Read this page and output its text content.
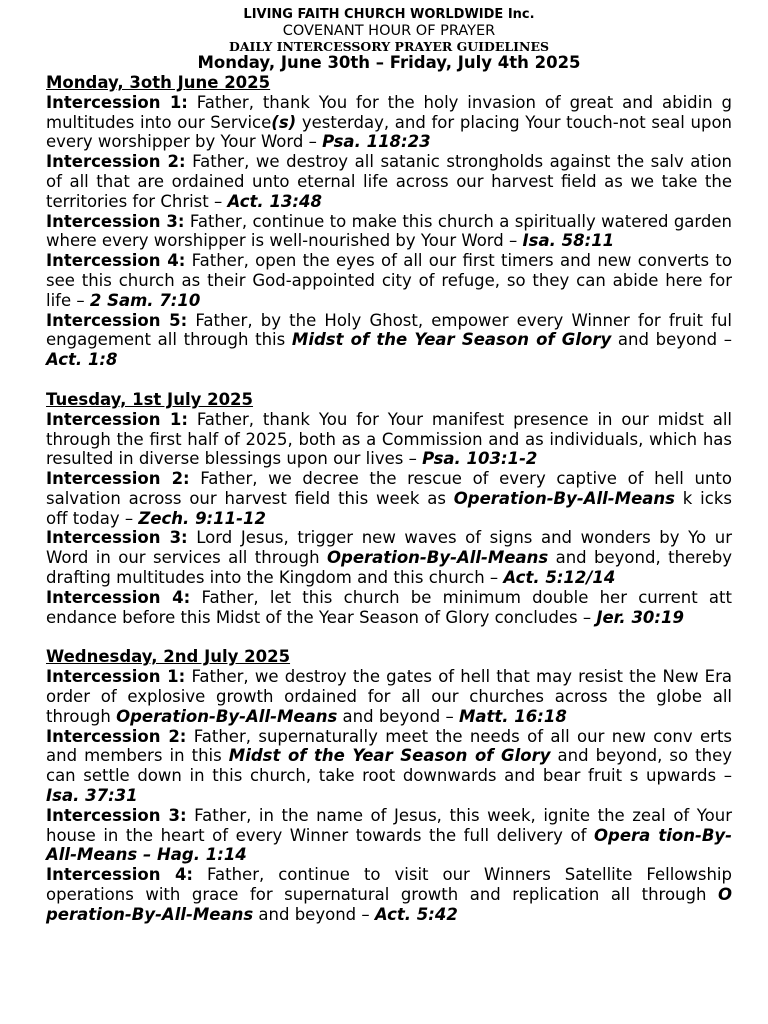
LIVING FAITH CHURCH WORLDWIDE Inc.
COVENANT HOUR OF PRAYER
DAILY INTERCESSORY PRAYER GUIDELINES
Monday, June 30th – Friday, July 4th 2025
Monday, 3oth June 2025

Intercession 1: Father, thank You for the holy invasion of great and abidin g multitudes into our Service(s) yesterday, and for placing Your touch-not seal upon every worshipper by Your Word – Psa. 118:23

Intercession 2: Father, we destroy all satanic strongholds against the salv ation of all that are ordained unto eternal life across our harvest field as we take the territories for Christ – Act. 13:48

Intercession 3: Father, continue to make this church a spiritually watered garden where every worshipper is well-nourished by Your Word – Isa. 58:11

Intercession 4: Father, open the eyes of all our first timers and new converts to see this church as their God-appointed city of refuge, so they can abide here for life – 2 Sam. 7:10

Intercession 5: Father, by the Holy Ghost, empower every Winner for fruit ful engagement all through this Midst of the Year Season of Glory and beyond – Act. 1:8

Tuesday, 1st July 2025

Intercession 1: Father, thank You for Your manifest presence in our midst all through the first half of 2025, both as a Commission and as individuals, which has resulted in diverse blessings upon our lives – Psa. 103:1-2

Intercession 2: Father, we decree the rescue of every captive of hell unto salvation across our harvest field this week as Operation-By-All-Means k icks off today – Zech. 9:11-12

Intercession 3: Lord Jesus, trigger new waves of signs and wonders by Yo ur Word in our services all through Operation-By-All-Means and beyond, thereby drafting multitudes into the Kingdom and this church – Act. 5:12/14

Intercession 4: Father, let this church be minimum double her current att endance before this Midst of the Year Season of Glory concludes – Jer. 30:19

Wednesday, 2nd July 2025

Intercession 1: Father, we destroy the gates of hell that may resist the New Era order of explosive growth ordained for all our churches across the globe all through Operation-By-All-Means and beyond – Matt. 16:18

Intercession 2: Father, supernaturally meet the needs of all our new conv erts and members in this Midst of the Year Season of Glory and beyond, so they can settle down in this church, take root downwards and bear fruit s upwards – Isa. 37:31

Intercession 3: Father, in the name of Jesus, this week, ignite the zeal of Your house in the heart of every Winner towards the full delivery of Opera tion-By-All-Means – Hag. 1:14

Intercession 4: Father, continue to visit our Winners Satellite Fellowship operations with grace for supernatural growth and replication all through O peration-By-All-Means and beyond – Act. 5:42
